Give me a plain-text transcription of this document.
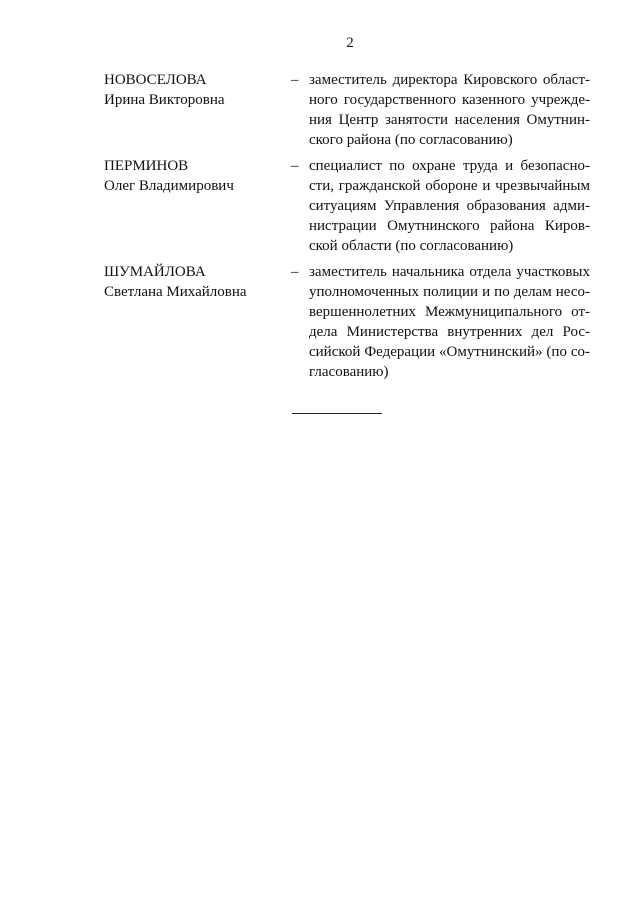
2
НОВОСЕЛОВА
Ирина Викторовна
– заместитель директора Кировского област-
ного государственного казенного учрежде-
ния Центр занятости населения Омутнин-
ского района (по согласованию)
ПЕРМИНОВ
Олег Владимирович
– специалист по охране труда и безопасно-
сти, гражданской обороне и чрезвычайным
ситуациям Управления образования адми-
нистрации Омутнинского района Киров-
ской области (по согласованию)
ШУМАЙЛОВА
Светлана Михайловна
– заместитель начальника отдела участковых
уполномоченных полиции и по делам несо-
вершеннолетних Межмуниципального от-
дела Министерства внутренних дел Рос-
сийской Федерации «Омутнинский» (по со-
гласованию)
